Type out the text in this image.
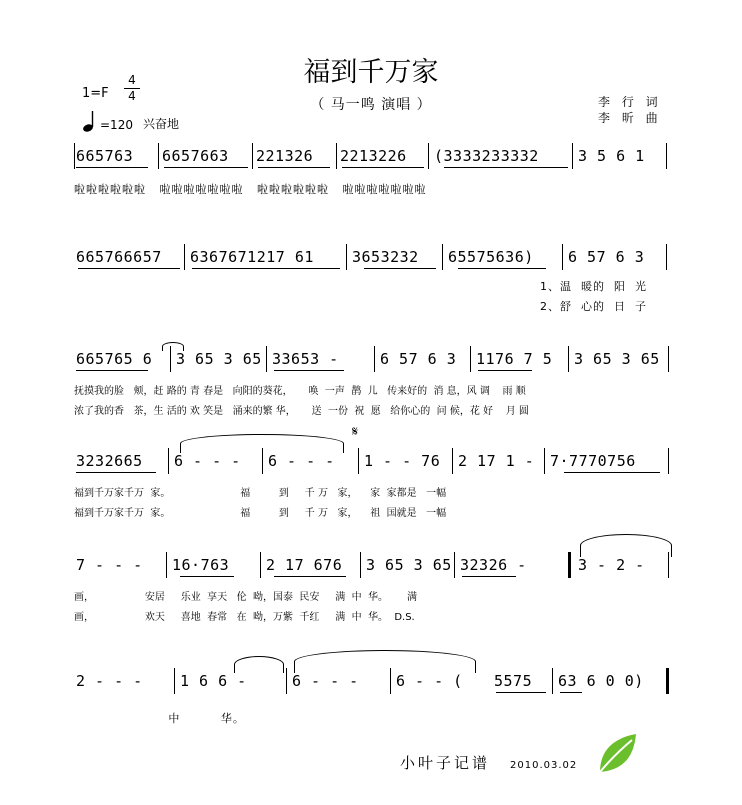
福到千万家
（ 马一鸣 演唱 ）
1=F
4
4
=120 兴奋地
李 行 词
李 昕 曲
665763 6657663 221326 2213226 (3333233332	3 5 6 1
啦啦啦啦啦啦   啦啦啦啦啦啦啦   啦啦啦啦啦啦   啦啦啦啦啦啦啦
665766657 6367671217 61	3653232 65575636) 6 57 6 3
1、温  暖的  阳  光
2、舒  心的  日  子
665765 6 3 65 3 65 33653 -	6 57 6 3 1176 7 5 3 65 3 65
抚摸我的脸   颊，赶 路的 青 春是   向阳的葵花，     唤  一声  鹊  儿   传来好的  消 息，风 调    雨 顺
浓了我的香   茶，生 活的 欢 笑是   涌来的繁 华，     送  一份  祝  愿   给你心的  问 候，花 好    月 圆
𝄋
3232665 6 - - - 6 - - - 1 - - 76 2 17 1 - 7·7770756
福到千万家千万  家。                      福         到     千 万   家，    家  家都是   一幅
福到千万家千万  家。                      福         到     千 万   家，    祖  国就是   一幅
7 - - - 16·763 2 17 676 3 65 3 65 32326 -	3 - 2 -
画，                安居     乐业  享天   伦  呦，国泰  民安     满  中  华。      满
画，                欢天     喜地  春常   在  呦，万紫  千红     满  中  华。  D.S.
2 - - - 1 6 6 -	6 - - - 6 - - ( 5575 63 6 0 0)
中         华。
小叶子记谱 2010.03.02
